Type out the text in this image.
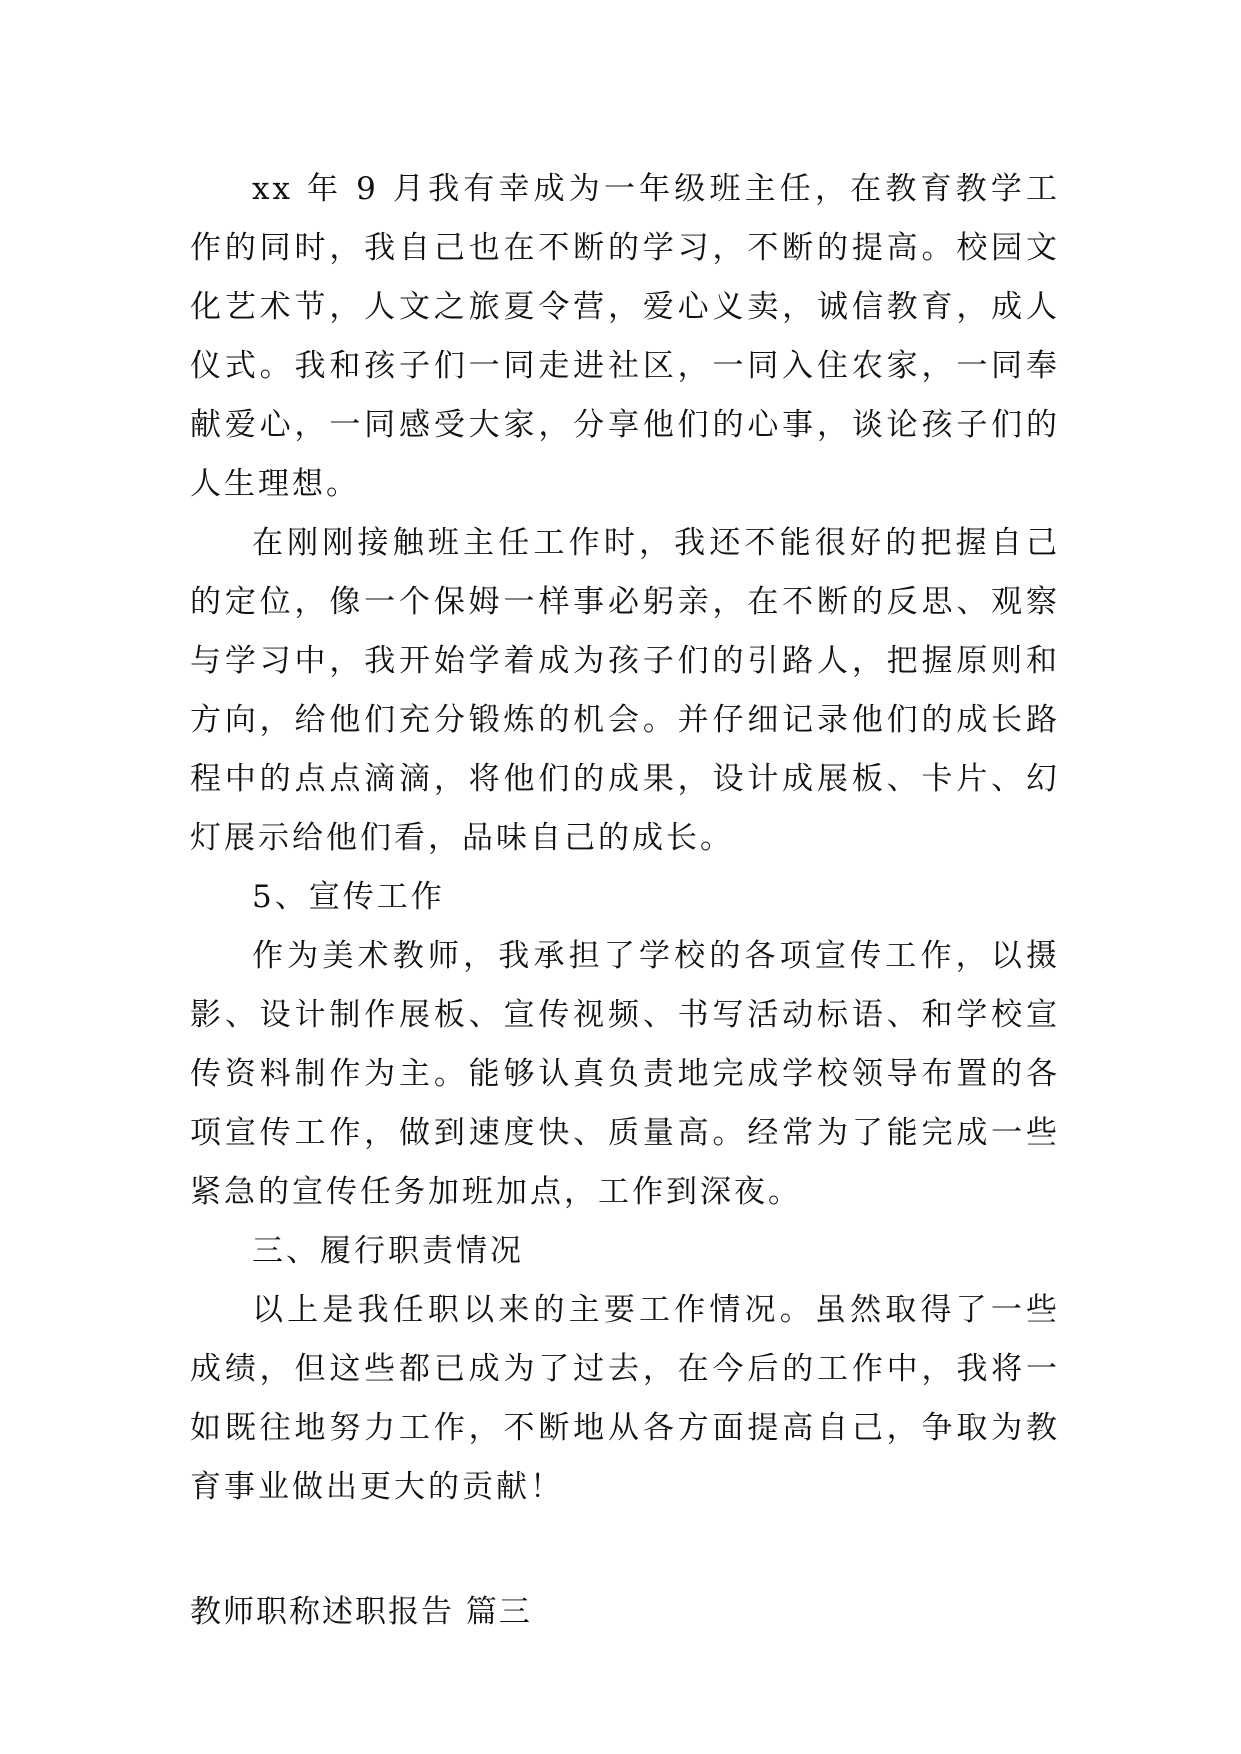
xx 年 9 月我有幸成为一年级班主任，在教育教学工作的同时，我自己也在不断的学习，不断的提高。校园文化艺术节，人文之旅夏令营，爱心义卖，诚信教育，成人仪式。我和孩子们一同走进社区，一同入住农家，一同奉献爱心，一同感受大家，分享他们的心事，谈论孩子们的人生理想。

在刚刚接触班主任工作时，我还不能很好的把握自己的定位，像一个保姆一样事必躬亲，在不断的反思、观察与学习中，我开始学着成为孩子们的引路人，把握原则和方向，给他们充分锻炼的机会。并仔细记录他们的成长路程中的点点滴滴，将他们的成果，设计成展板、卡片、幻灯展示给他们看，品味自己的成长。

5、宣传工作

作为美术教师，我承担了学校的各项宣传工作，以摄影、设计制作展板、宣传视频、书写活动标语、和学校宣传资料制作为主。能够认真负责地完成学校领导布置的各项宣传工作，做到速度快、质量高。经常为了能完成一些紧急的宣传任务加班加点，工作到深夜。

三、履行职责情况

以上是我任职以来的主要工作情况。虽然取得了一些成绩，但这些都已成为了过去，在今后的工作中，我将一如既往地努力工作，不断地从各方面提高自己，争取为教育事业做出更大的贡献！

教师职称述职报告 篇三
